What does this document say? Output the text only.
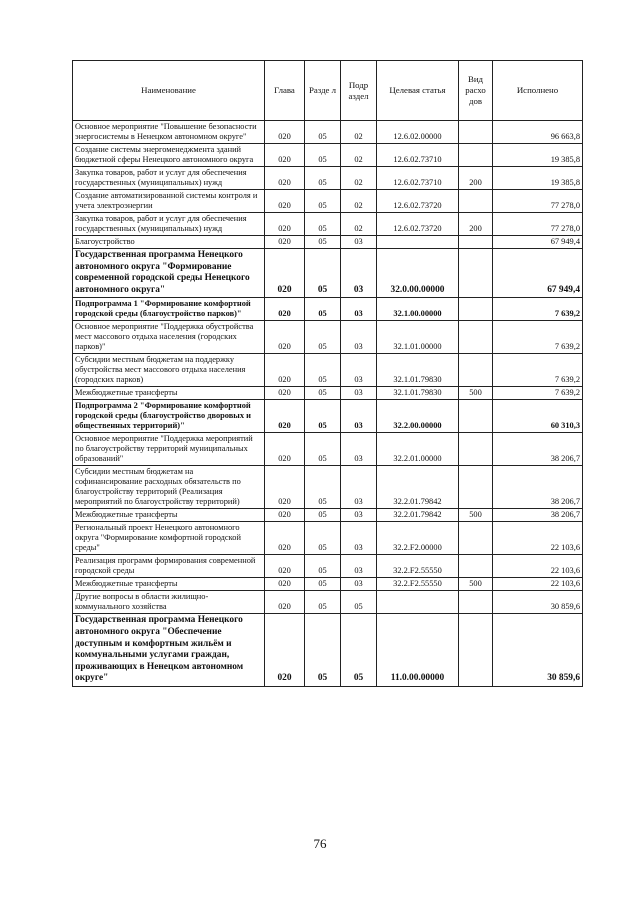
Наименование	Глава	Разде л	Подр аздел	Целевая статья	Вид расхо дов	Исполнено
Основное мероприятие "Повышение безопасности энергосистемы в Ненецком автономном округе"	020	05	02	12.6.02.00000		96 663,8
Создание системы энергоменеджмента зданий бюджетной сферы Ненецкого автономного округа	020	05	02	12.6.02.73710		19 385,8
Закупка товаров, работ и услуг для обеспечения государственных (муниципальных) нужд	020	05	02	12.6.02.73710	200	19 385,8
Создание автоматизированной системы контроля и учета электроэнергии	020	05	02	12.6.02.73720		77 278,0
Закупка товаров, работ и услуг для обеспечения государственных (муниципальных) нужд	020	05	02	12.6.02.73720	200	77 278,0
Благоустройство	020	05	03			67 949,4
Государственная программа Ненецкого автономного округа "Формирование современной городской среды Ненецкого автономного округа"	020	05	03	32.0.00.00000		67 949,4
Подпрограмма 1 "Формирование комфортной городской среды (благоустройство парков)"	020	05	03	32.1.00.00000		7 639,2
Основное мероприятие "Поддержка обустройства мест массового отдыха населения (городских парков)"	020	05	03	32.1.01.00000		7 639,2
Субсидии местным бюджетам на поддержку обустройства мест массового отдыха населения (городских парков)	020	05	03	32.1.01.79830		7 639,2
Межбюджетные трансферты	020	05	03	32.1.01.79830	500	7 639,2
Подпрограмма 2 "Формирование комфортной городской среды (благоустройство дворовых и общественных территорий)"	020	05	03	32.2.00.00000		60 310,3
Основное мероприятие "Поддержка мероприятий по благоустройству территорий муниципальных образований"	020	05	03	32.2.01.00000		38 206,7
Субсидии местным бюджетам на софинансирование расходных обязательств по благоустройству территорий (Реализация мероприятий по благоустройству территорий)	020	05	03	32.2.01.79842		38 206,7
Межбюджетные трансферты	020	05	03	32.2.01.79842	500	38 206,7
Региональный проект Ненецкого автономного округа "Формирование комфортной городской среды"	020	05	03	32.2.F2.00000		22 103,6
Реализация программ формирования современной городской среды	020	05	03	32.2.F2.55550		22 103,6
Межбюджетные трансферты	020	05	03	32.2.F2.55550	500	22 103,6
Другие вопросы в области жилищно-коммунального хозяйства	020	05	05			30 859,6
Государственная программа Ненецкого автономного округа "Обеспечение доступным и комфортным жильём и коммунальными услугами граждан, проживающих в Ненецком автономном округе"	020	05	05	11.0.00.00000		30 859,6
76
